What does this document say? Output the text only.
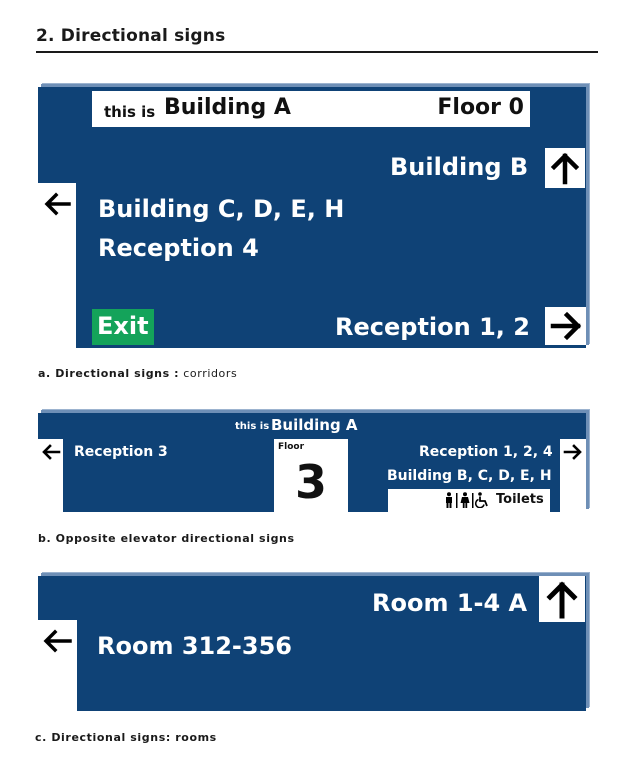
2. Directional signs
this is Building A	Floor 0
Building B
Building C, D, E, H
Reception 4
Exit	Reception 1, 2
a. Directional signs : corridors
this is Building A
Reception 3	Floor
3
Reception 1, 2, 4
Building B, C, D, E, H
Toilets
b. Opposite elevator directional signs
Room 1-4 A
Room 312-356
c. Directional signs: rooms
